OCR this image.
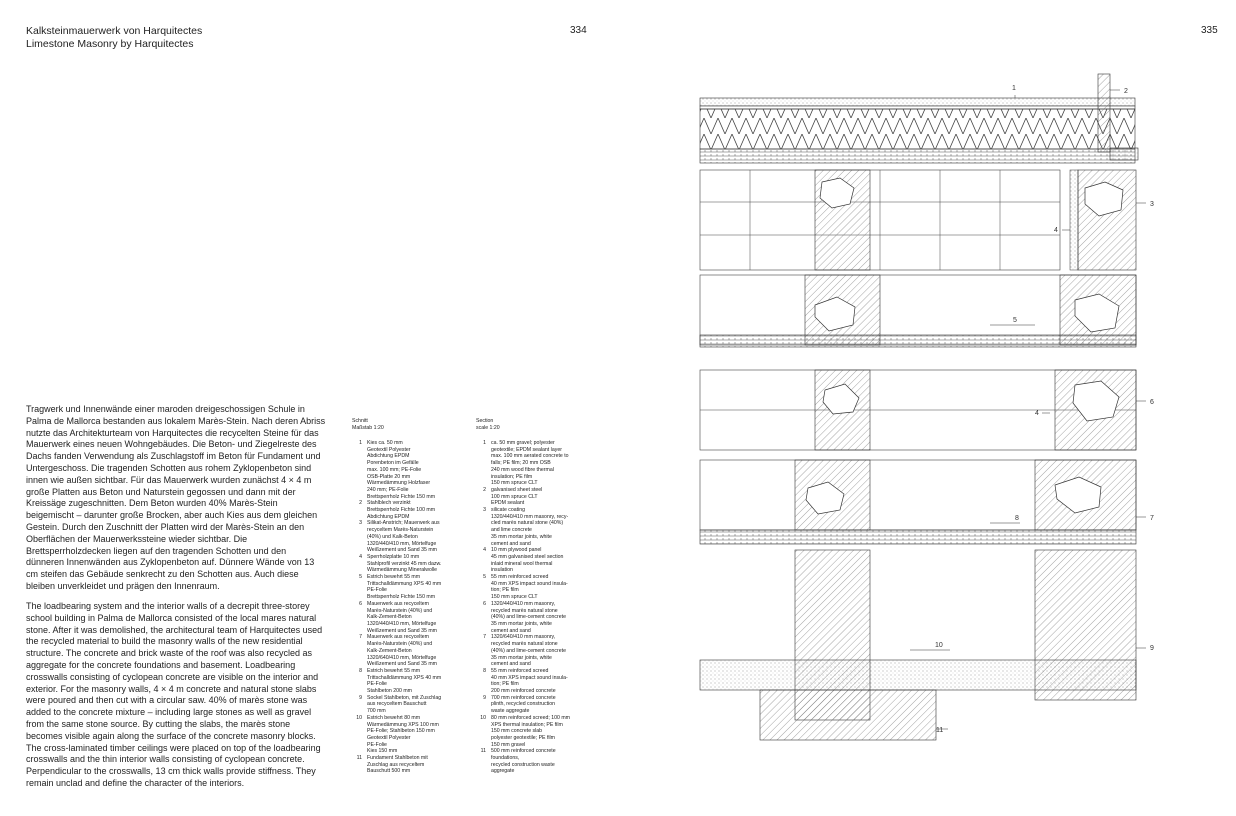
Kalksteinmauerwerk von Harquitectes
Limestone Masonry by Harquitectes
334	335
Tragwerk und Innenwände einer maroden dreigeschossigen Schule in Palma de Mallorca bestanden aus lokalem Marès-Stein. Nach deren Abriss nutzte das Architekturteam von Harquitectes die recycelten Steine für das Mauerwerk eines neuen Wohngebäudes. Die Beton- und Ziegelreste des Dachs fanden Verwendung als Zuschlagstoff im Beton für Fundament und Untergeschoss. Die tragenden Schotten aus rohem Zyklopenbeton sind innen wie außen sichtbar. Für das Mauerwerk wurden zunächst 4 × 4 m große Platten aus Beton und Naturstein gegossen und dann mit der Kreissäge zugeschnitten. Dem Beton wurden 40% Marès-Stein beigemischt – darunter große Brocken, aber auch Kies aus dem gleichen Gestein. Durch den Zuschnitt der Platten wird der Marès-Stein an den Oberflächen der Mauerwerkssteine wieder sichtbar. Die Brettsperrholzdecken liegen auf den tragenden Schotten und den dünneren Innenwänden aus Zyklopenbeton auf. Dünnere Wände von 13 cm steifen das Gebäude senkrecht zu den Schotten aus. Auch diese bleiben unverkleidet und prägen den Innenraum.
The loadbearing system and the interior walls of a decrepit three-storey school building in Palma de Mallorca consisted of the local mares natural stone. After it was demolished, the architectural team of Harquitectes used the recycled material to build the masonry walls of the new residential structure. The concrete and brick waste of the roof was also recycled as aggregate for the concrete foundations and basement. Loadbearing crosswalls consisting of cyclopean concrete are visible on the interior and exterior. For the masonry walls, 4 × 4 m concrete and natural stone slabs were poured and then cut with a circular saw. 40% of marès stone was added to the concrete mixture – including large stones as well as gravel from the same stone source. By cutting the slabs, the marès stone becomes visible again along the surface of the concrete masonry blocks. The cross-laminated timber ceilings were placed on top of the loadbearing crosswalls and the thin interior walls consisting of cyclopean concrete. Perpendicular to the crosswalls, 13 cm thick walls provide stiffness. They remain unclad and define the character of the interiors.
Schnitt
Maßstab 1:20
1 Kies ca. 50 mm
Geotextil Polyester
Abdichtung EPDM
Porenbeton im Gefälle
max. 100 mm; PE-Folie
OSB-Platte 20 mm
Wärmedämmung Holzfaser
240 mm; PE-Folie
Brettsperrholz Fichte 150 mm
2 Stahlblech verzinkt
Brettsperrholz Fichte 100 mm
Abdichtung EPDM
3 Silikat-Anstrich; Mauerwerk aus
recyceltem Marès-Naturstein
(40%) und Kalk-Beton
1320/440/410 mm, Mörtelfuge
Weißzement und Sand 35 mm
4 Sperrholzplatte 10 mm
Stahlprofil verzinkt 45 mm dazw.
Wärmedämmung Mineralwolle
5 Estrich bewehrt 55 mm
Trittschalldämmung XPS 40 mm
PE-Folie
Brettsperrholz Fichte 150 mm
6 Mauerwerk aus recyceltem
Marès-Naturstein (40%) und
Kalk-Zement-Beton
1320/440/410 mm, Mörtelfuge
Weißzement und Sand 35 mm
7 Mauerwerk aus recyceltem
Marès-Naturstein (40%) und
Kalk-Zement-Beton
1320/640/410 mm, Mörtelfuge
Weißzement und Sand 35 mm
8 Estrich bewehrt 55 mm
Trittschalldämmung XPS 40 mm
PE-Folie
Stahlbeton 200 mm
9 Sockel Stahlbeton, mit Zuschlag
aus recyceltem Bauschutt
700 mm
10 Estrich bewehrt 80 mm
Wärmedämmung XPS 100 mm
PE-Folie; Stahlbeton 150 mm
Geotextil Polyester
PE-Folie
Kies 150 mm
11 Fundament Stahlbeton mit
Zuschlag aus recyceltem
Bauschutt 500 mm
Section
scale 1:20
1 ca. 50 mm gravel; polyester
geotextile; EPDM sealant layer
max. 100 mm aerated concrete to
falls; PE film; 20 mm OSB
240 mm wood fibre thermal
insulation; PE film
150 mm spruce CLT
2 galvanised sheet steel
100 mm spruce CLT
EPDM sealant
3 silicate coating
1320/440/410 mm masonry, recy-
cled marès natural stone (40%)
and lime concrete
35 mm mortar joints, white
cement and sand
4 10 mm plywood panel
45 mm galvanised steel section
inlaid mineral wool thermal
insulation
5 55 mm reinforced screed
40 mm XPS impact sound insula-
tion; PE film
150 mm spruce CLT
6 1320/440/410 mm masonry,
recycled marès natural stone
(40%) and lime-cement concrete
35 mm mortar joints, white
cement and sand
7 1320/640/410 mm masonry,
recycled marès natural stone
(40%) and lime-cement concrete
35 mm mortar joints, white
cement and sand
8 55 mm reinforced screed
40 mm XPS impact sound insula-
tion; PE film
200 mm reinforced concrete
9 700 mm reinforced concrete
plinth, recycled construction
waste aggregate
10 80 mm reinforced screed; 100 mm
XPS thermal insulation; PE film
150 mm concrete slab
polyester geotextile; PE film
150 mm gravel
11 500 mm reinforced concrete
foundations,
recycled construction waste
aggregate
1	2
3
4
5
4
6
8	7
10	9
11
